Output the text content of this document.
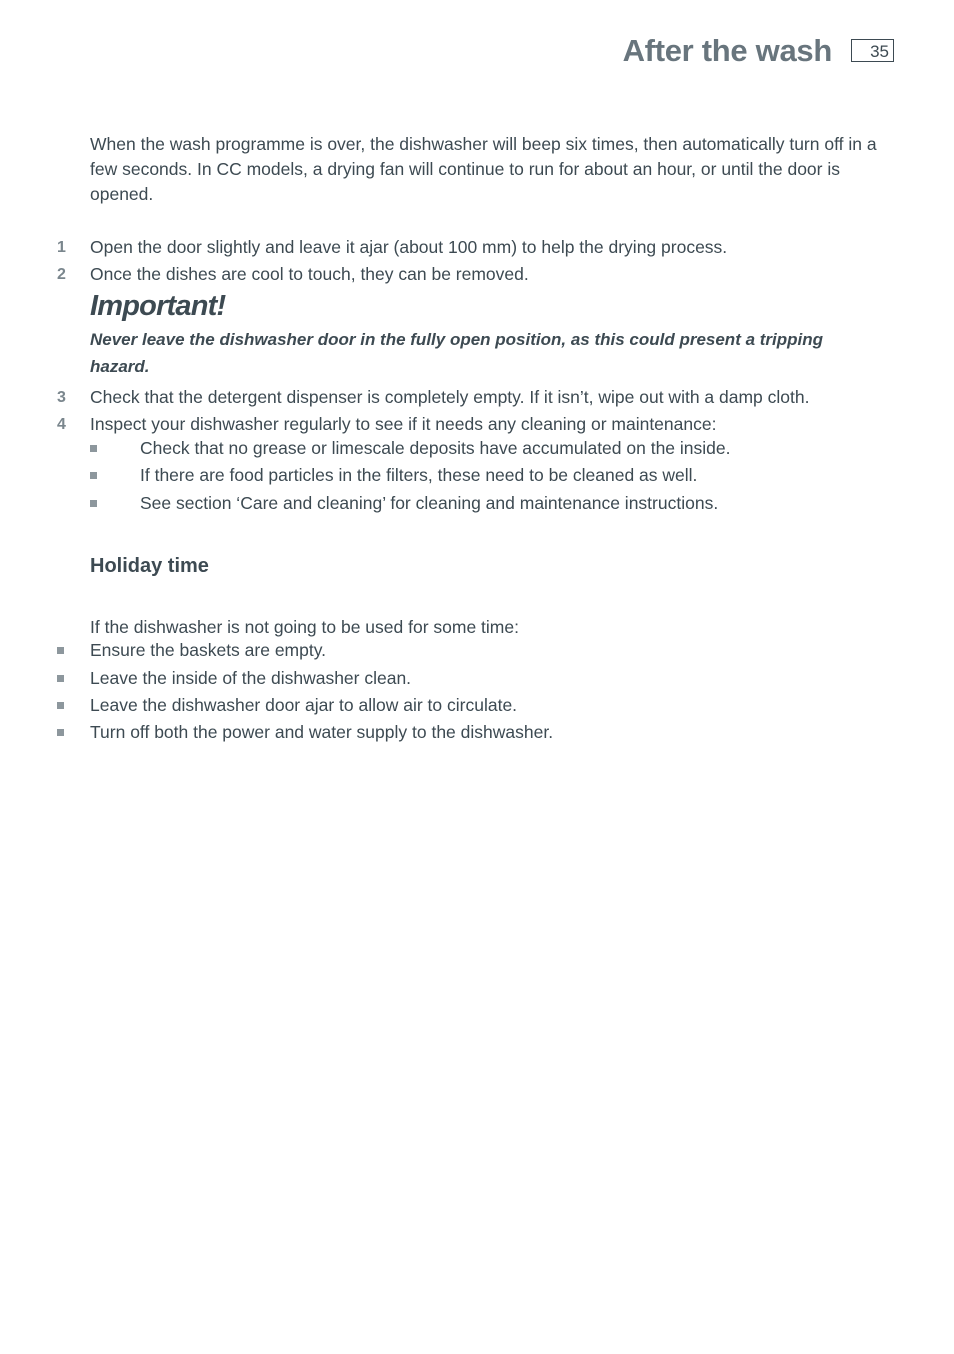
After the wash 35

When the wash programme is over, the dishwasher will beep six times, then automatically turn off in a few seconds. In CC models, a drying fan will continue to run for about an hour, or until the door is opened.

1 Open the door slightly and leave it ajar (about 100 mm) to help the drying process.
2 Once the dishes are cool to touch, they can be removed.
Important!
Never leave the dishwasher door in the fully open position, as this could present a tripping hazard.
3 Check that the detergent dispenser is completely empty. If it isn’t, wipe out with a damp cloth.
4 Inspect your dishwasher regularly to see if it needs any cleaning or maintenance:
Check that no grease or limescale deposits have accumulated on the inside.
If there are food particles in the filters, these need to be cleaned as well.
See section ‘Care and cleaning’ for cleaning and maintenance instructions.
Holiday time
If the dishwasher is not going to be used for some time:
Ensure the baskets are empty.
Leave the inside of the dishwasher clean.
Leave the dishwasher door ajar to allow air to circulate.
Turn off both the power and water supply to the dishwasher.
